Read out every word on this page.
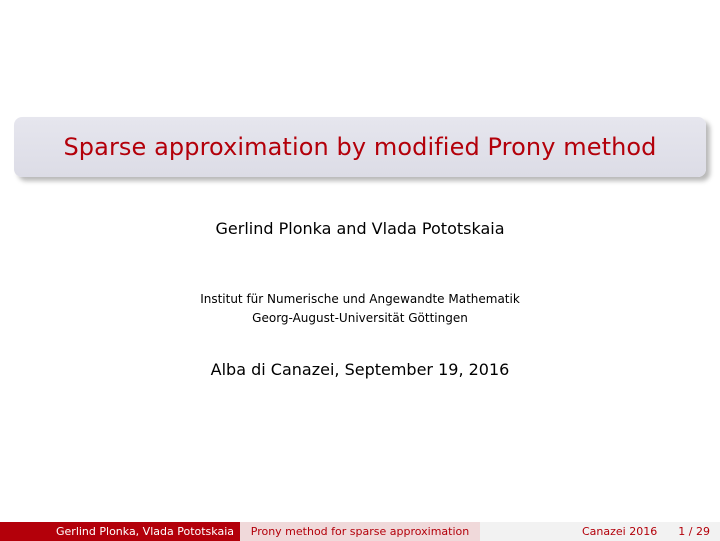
Sparse approximation by modified Prony method
Gerlind Plonka and Vlada Pototskaia
Institut für Numerische und Angewandte Mathematik
Georg-August-Universität Göttingen
Alba di Canazei, September 19, 2016
Gerlind Plonka, Vlada Pototskaia	Prony method for sparse approximation	Canazei 2016 1 / 29
